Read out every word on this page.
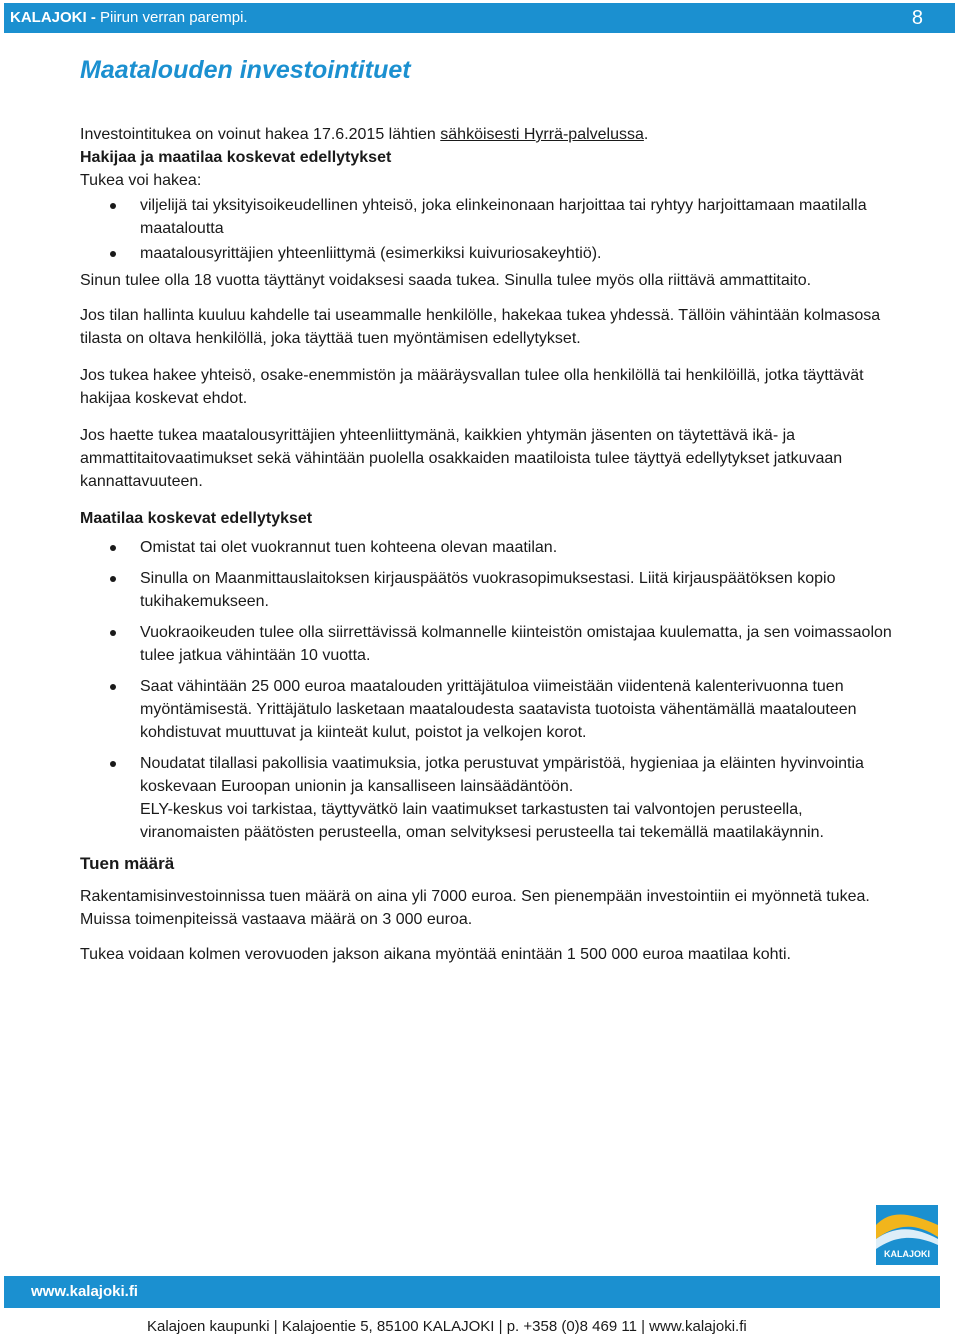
KALAJOKI - Piirun verran parempi.	8
Maatalouden investointituet

Investointitukea on voinut hakea 17.6.2015 lähtien sähköisesti Hyrrä-palvelussa.

Hakijaa ja maatilaa koskevat edellytykset

Tukea voi hakea:

viljelijä tai yksityisoikeudellinen yhteisö, joka elinkeinonaan harjoittaa tai ryhtyy harjoittamaan maatilalla maataloutta
maatalousyrittäjien yhteenliittymä (esimerkiksi kuivuriosakeyhtiö).

Sinun tulee olla 18 vuotta täyttänyt voidaksesi saada tukea. Sinulla tulee myös olla riittävä ammattitaito.

Jos tilan hallinta kuuluu kahdelle tai useammalle henkilölle, hakekaa tukea yhdessä. Tällöin vähintään kolmasosa tilasta on oltava henkilöllä, joka täyttää tuen myöntämisen edellytykset.

Jos tukea hakee yhteisö, osake-enemmistön ja määräysvallan tulee olla henkilöllä tai henkilöillä, jotka täyttävät hakijaa koskevat ehdot.

Jos haette tukea maatalousyrittäjien yhteenliittymänä, kaikkien yhtymän jäsenten on täytettävä ikä- ja ammattitaitovaatimukset sekä vähintään puolella osakkaiden maatiloista tulee täyttyä edellytykset jatkuvaan kannattavuuteen.

Maatilaa koskevat edellytykset
Omistat tai olet vuokrannut tuen kohteena olevan maatilan.
Sinulla on Maanmittauslaitoksen kirjauspäätös vuokrasopimuksestasi. Liitä kirjauspäätöksen kopio tukihakemukseen.
Vuokraoikeuden tulee olla siirrettävissä kolmannelle kiinteistön omistajaa kuulematta, ja sen voimassaolon tulee jatkua vähintään 10 vuotta.
Saat vähintään 25 000 euroa maatalouden yrittäjätuloa viimeistään viidentenä kalenterivuonna tuen myöntämisestä. Yrittäjätulo lasketaan maataloudesta saatavista tuotoista vähentämällä maatalouteen kohdistuvat muuttuvat ja kiinteät kulut, poistot ja velkojen korot.
Noudatat tilallasi pakollisia vaatimuksia, jotka perustuvat ympäristöä, hygieniaa ja eläinten hyvinvointia koskevaan Euroopan unionin ja kansalliseen lainsäädäntöön.
ELY-keskus voi tarkistaa, täyttyvätkö lain vaatimukset tarkastusten tai valvontojen perusteella, viranomaisten päätösten perusteella, oman selvityksesi perusteella tai tekemällä maatilakäynnin.
Tuen määrä

Rakentamisinvestoinnissa tuen määrä on aina yli 7000 euroa. Sen pienempään investointiin ei myönnetä tukea. Muissa toimenpiteissä vastaava määrä on 3 000 euroa.

Tukea voidaan kolmen verovuoden jakson aikana myöntää enintään 1 500 000 euroa maatilaa kohti.

KALAJOKI
www.kalajoki.fi
Kalajoen kaupunki | Kalajoentie 5, 85100 KALAJOKI | p. +358 (0)8 469 11 | www.kalajoki.fi
